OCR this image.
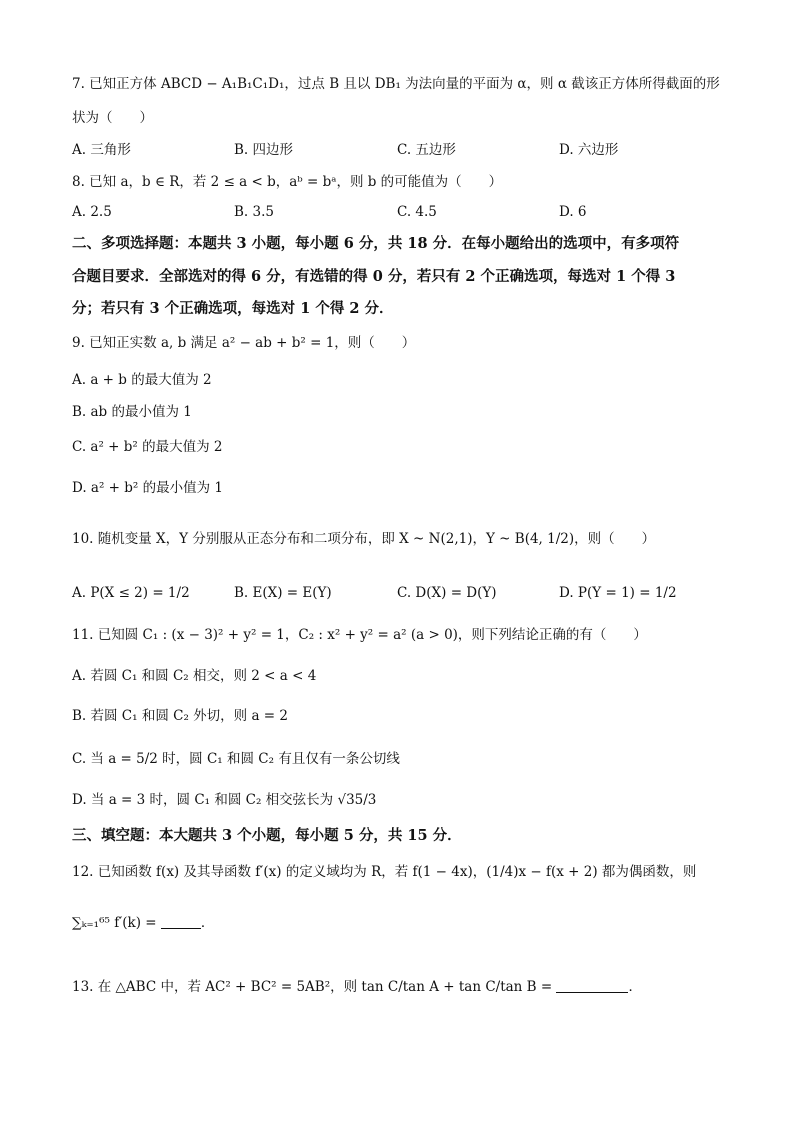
7. 已知正方体 ABCD − A₁B₁C₁D₁，过点 B 且以 DB₁ 为法向量的平面为 α，则 α 截该正方体所得截面的形
状为（　　）
A. 三角形	B. 四边形	C. 五边形	D. 六边形
8. 已知 a，b ∈ R，若 2 ≤ a < b，aᵇ = bᵃ，则 b 的可能值为（　　）
A. 2.5	B. 3.5	C. 4.5	D. 6
二、多项选择题：本题共 3 小题，每小题 6 分，共 18 分．在每小题给出的选项中，有多项符
合题目要求．全部选对的得 6 分，有选错的得 0 分，若只有 2 个正确选项，每选对 1 个得 3
分；若只有 3 个正确选项，每选对 1 个得 2 分．
9. 已知正实数 a, b 满足 a² − ab + b² = 1，则（　　）
A. a + b 的最大值为 2
B. ab 的最小值为 1
C. a² + b² 的最大值为 2
D. a² + b² 的最小值为 1
10. 随机变量 X，Y 分别服从正态分布和二项分布，即 X ~ N(2,1)，Y ~ B(4, 1/2)，则（　　）
A. P(X ≤ 2) = 1/2	B. E(X) = E(Y)	C. D(X) = D(Y)	D. P(Y = 1) = 1/2
11. 已知圆 C₁ : (x − 3)² + y² = 1，C₂ : x² + y² = a² (a > 0)，则下列结论正确的有（　　）
A. 若圆 C₁ 和圆 C₂ 相交，则 2 < a < 4
B. 若圆 C₁ 和圆 C₂ 外切，则 a = 2
C. 当 a = 5/2 时，圆 C₁ 和圆 C₂ 有且仅有一条公切线
D. 当 a = 3 时，圆 C₁ 和圆 C₂ 相交弦长为 √35/3
三、填空题：本大题共 3 个小题，每小题 5 分，共 15 分．
12. 已知函数 f(x) 及其导函数 f′(x) 的定义域均为 R，若 f(1 − 4x)，(1/4)x − f(x + 2) 都为偶函数，则
∑ₖ₌₁⁶⁵ f′(k) =	．
13. 在 △ABC 中，若 AC² + BC² = 5AB²，则 tan C/tan A + tan C/tan B =	．
